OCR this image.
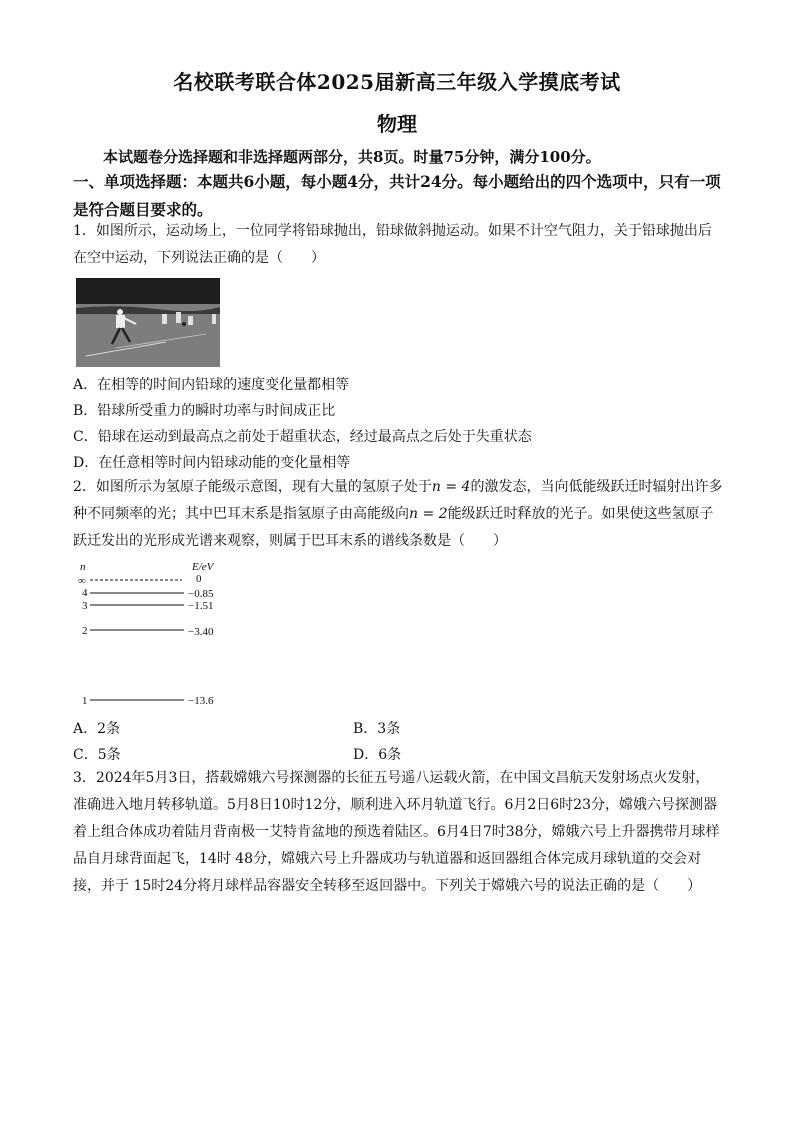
名校联考联合体2025届新高三年级入学摸底考试
物理
本试题卷分选择题和非选择题两部分，共8页。时量75分钟，满分100分。
一、单项选择题：本题共6小题，每小题4分，共计24分。每小题给出的四个选项中，只有一项是符合题目要求的。
1．如图所示，运动场上，一位同学将铅球抛出，铅球做斜抛运动。如果不计空气阻力，关于铅球抛出后在空中运动，下列说法正确的是（　　）
A．在相等的时间内铅球的速度变化量都相等
B．铅球所受重力的瞬时功率与时间成正比
C．铅球在运动到最高点之前处于超重状态，经过最高点之后处于失重状态
D．在任意相等时间内铅球动能的变化量相等
2．如图所示为氢原子能级示意图，现有大量的氢原子处于n = 4的激发态，当向低能级跃迁时辐射出许多种不同频率的光；其中巴耳末系是指氢原子由高能级向n = 2能级跃迁时释放的光子。如果使这些氢原子跃迁发出的光形成光谱来观察，则属于巴耳末系的谱线条数是（　　）
n	E/eV
∞	0
4	−0.85
3	−1.51
2	−3.40
1	−13.6
A．2条	B．3条
C．5条	D．6条
3．2024年5月3日，搭载嫦娥六号探测器的长征五号遥八运载火箭，在中国文昌航天发射场点火发射，准确进入地月转移轨道。5月8日10时12分，顺利进入环月轨道飞行。6月2日6时23分，嫦娥六号探测器着上组合体成功着陆月背南极一艾特肯盆地的预选着陆区。6月4日7时38分，嫦娥六号上升器携带月球样品自月球背面起飞，14时 48分，嫦娥六号上升器成功与轨道器和返回器组合体完成月球轨道的交会对接，并于 15时24分将月球样品容器安全转移至返回器中。下列关于嫦娥六号的说法正确的是（　　）
